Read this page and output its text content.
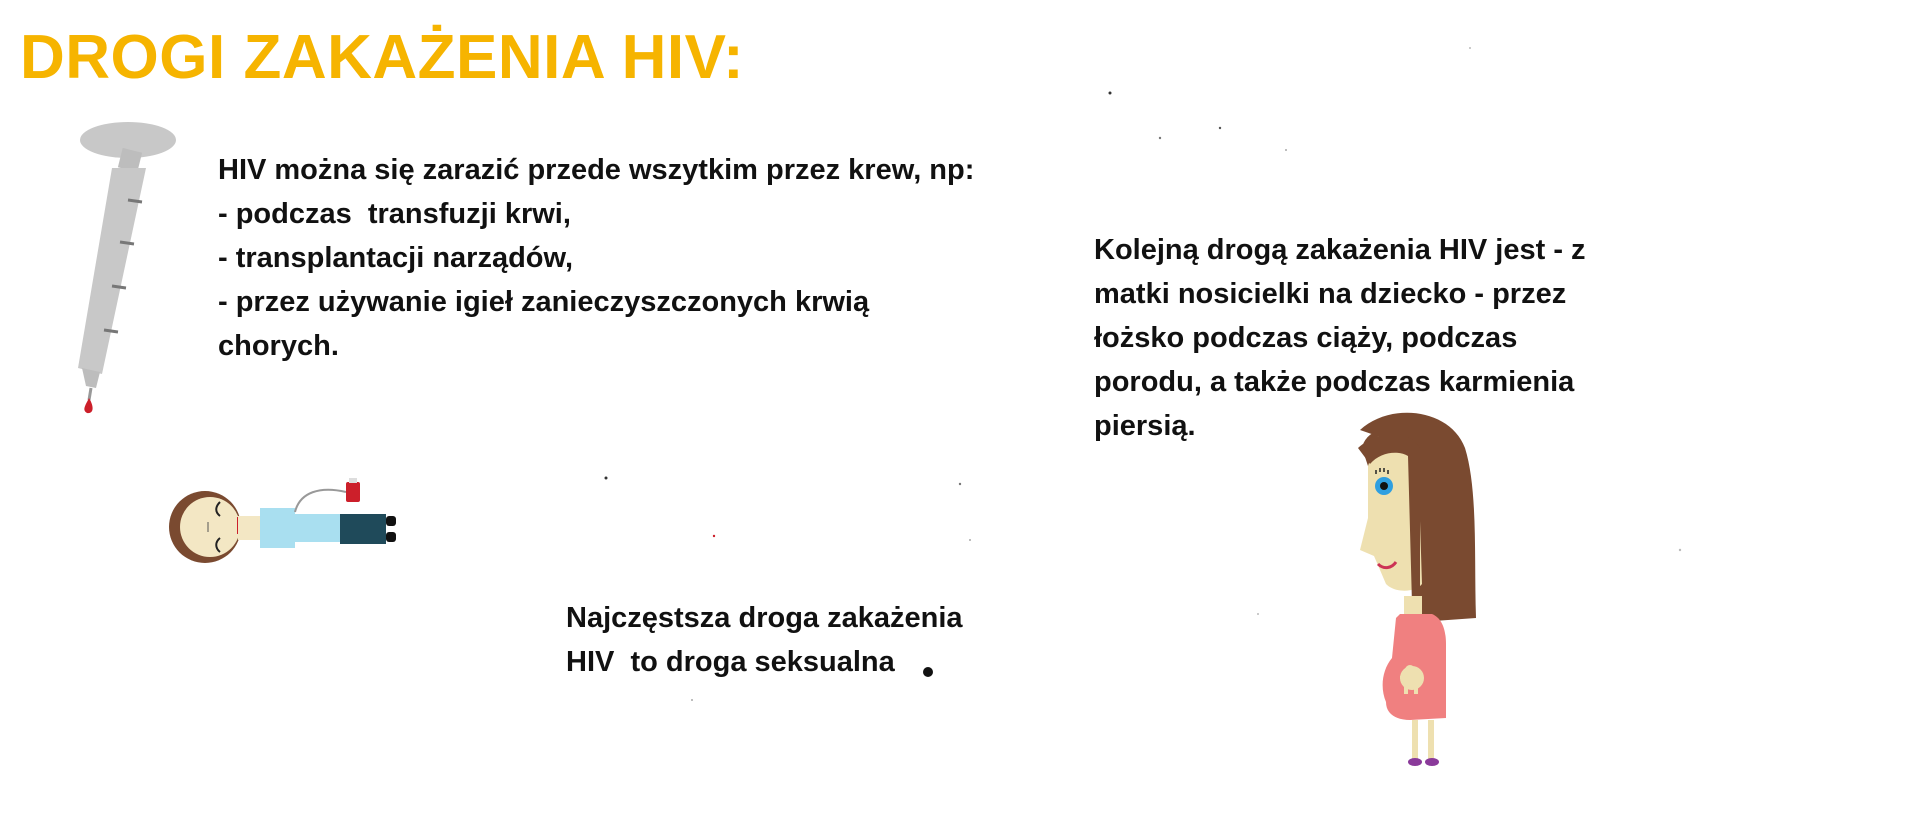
DROGI ZAKAŻENIA HIV:
HIV można się zarazić przede wszytkim przez krew, np:
- podczas  transfuzji krwi,
- transplantacji narządów,
- przez używanie igieł zanieczyszczonych krwią
chorych.
Kolejną drogą zakażenia HIV jest - z
matki nosicielki na dziecko - przez
łożsko podczas ciąży, podczas
porodu, a także podczas karmienia
piersią.
Najczęstsza droga zakażenia
HIV  to droga seksualna
